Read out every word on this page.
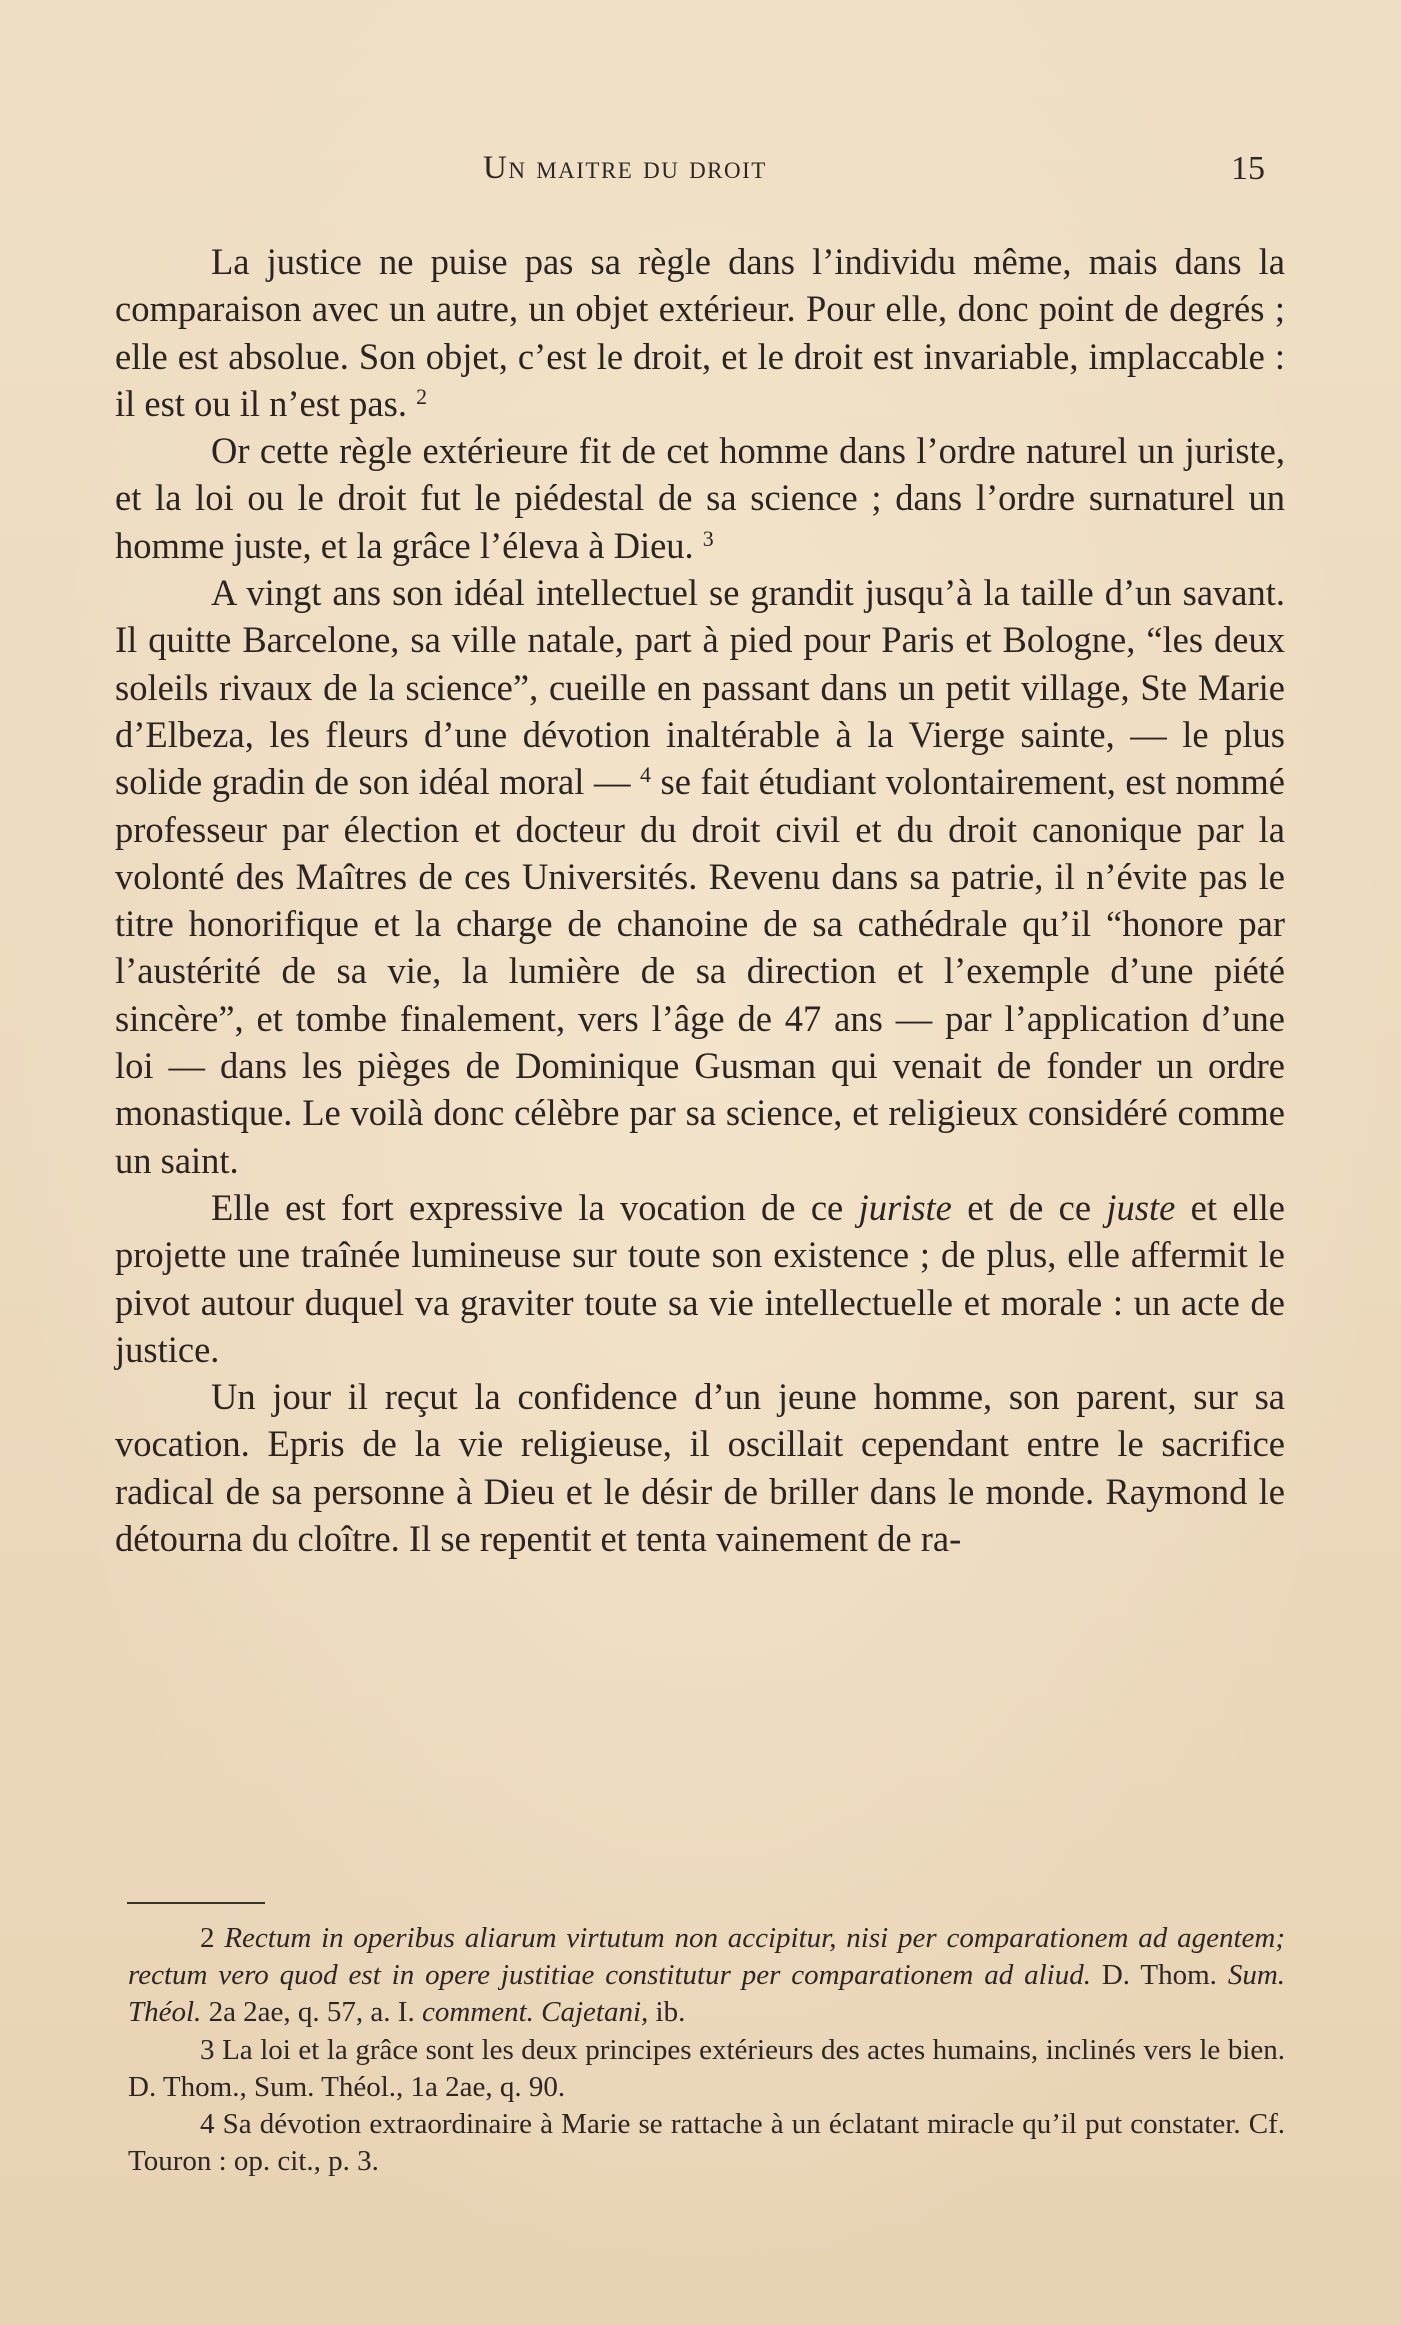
Un maitre du droit	15

La justice ne puise pas sa règle dans l’individu même, mais dans la comparaison avec un autre, un objet extérieur. Pour elle, donc point de degrés ; elle est absolue. Son objet, c’est le droit, et le droit est invariable, implaccable : il est ou il n’est pas. $^2$

Or cette règle extérieure fit de cet homme dans l’ordre naturel un juriste, et la loi ou le droit fut le piédestal de sa science ; dans l’ordre surnaturel un homme juste, et la grâce l’éleva à Dieu. $^3$

A vingt ans son idéal intellectuel se grandit jusqu’à la taille d’un savant. Il quitte Barcelone, sa ville natale, part à pied pour Paris et Bologne, “les deux soleils rivaux de la science”, cueille en passant dans un petit village, Ste Marie d’Elbeza, les fleurs d’une dévotion inaltérable à la Vierge sainte, — le plus solide gradin de son idéal moral — $^4$ se fait étudiant volontairement, est nommé professeur par élection et docteur du droit civil et du droit canonique par la volonté des Maîtres de ces Universités. Revenu dans sa patrie, il n’évite pas le titre honorifique et la charge de chanoine de sa cathédrale qu’il “honore par l’austérité de sa vie, la lumière de sa direction et l’exemple d’une piété sincère”, et tombe finalement, vers l’âge de 47 ans — par l’application d’une loi — dans les pièges de Dominique Gusman qui venait de fonder un ordre monastique. Le voilà donc célèbre par sa science, et religieux considéré comme un saint.

Elle est fort expressive la vocation de ce juriste et de ce juste et elle projette une traînée lumineuse sur toute son existence ; de plus, elle affermit le pivot autour duquel va graviter toute sa vie intellectuelle et morale : un acte de justice.

Un jour il reçut la confidence d’un jeune homme, son parent, sur sa vocation. Epris de la vie religieuse, il oscillait cependant entre le sacrifice radical de sa personne à Dieu et le désir de briller dans le monde. Raymond le détourna du cloître. Il se repentit et tenta vainement de ra-

2 Rectum in operibus aliarum virtutum non accipitur, nisi per comparationem ad agentem; rectum vero quod est in opere justitiae constitutur per comparationem ad aliud. D. Thom. Sum. Théol. 2a 2ae, q. 57, a. I. comment. Cajetani, ib.

3 La loi et la grâce sont les deux principes extérieurs des actes humains, inclinés vers le bien. D. Thom., Sum. Théol., 1a 2ae, q. 90.

4 Sa dévotion extraordinaire à Marie se rattache à un éclatant miracle qu’il put constater. Cf. Touron : op. cit., p. 3.
